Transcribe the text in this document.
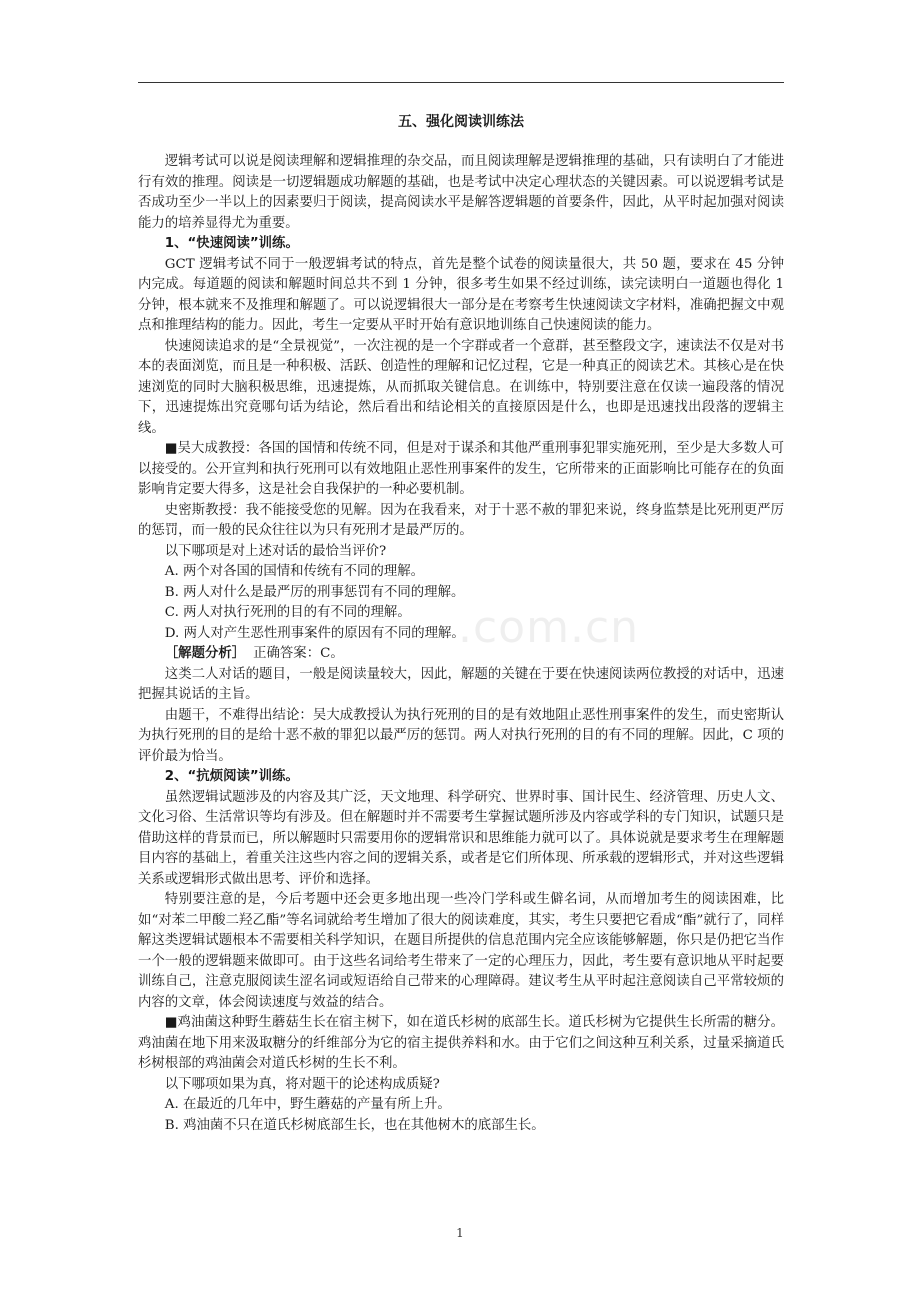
.com.cn

五、强化阅读训练法

逻辑考试可以说是阅读理解和逻辑推理的杂交品，而且阅读理解是逻辑推理的基础，只有读明白了才能进行有效的推理。阅读是一切逻辑题成功解题的基础，也是考试中决定心理状态的关键因素。可以说逻辑考试是否成功至少一半以上的因素要归于阅读，提高阅读水平是解答逻辑题的首要条件，因此，从平时起加强对阅读能力的培养显得尤为重要。

1、“快速阅读”训练。

GCT 逻辑考试不同于一般逻辑考试的特点，首先是整个试卷的阅读量很大，共 50 题，要求在 45 分钟内完成。每道题的阅读和解题时间总共不到 1 分钟，很多考生如果不经过训练，读完读明白一道题也得化 1 分钟，根本就来不及推理和解题了。可以说逻辑很大一部分是在考察考生快速阅读文字材料，准确把握文中观点和推理结构的能力。因此，考生一定要从平时开始有意识地训练自己快速阅读的能力。

快速阅读追求的是“全景视觉”，一次注视的是一个字群或者一个意群，甚至整段文字，速读法不仅是对书本的表面浏览，而且是一种积极、活跃、创造性的理解和记忆过程，它是一种真正的阅读艺术。其核心是在快速浏览的同时大脑积极思维，迅速提炼，从而抓取关键信息。在训练中，特别要注意在仅读一遍段落的情况下，迅速提炼出究竟哪句话为结论，然后看出和结论相关的直接原因是什么，也即是迅速找出段落的逻辑主线。

■吴大成教授：各国的国情和传统不同，但是对于谋杀和其他严重刑事犯罪实施死刑，至少是大多数人可以接受的。公开宣判和执行死刑可以有效地阻止恶性刑事案件的发生，它所带来的正面影响比可能存在的负面影响肯定要大得多，这是社会自我保护的一种必要机制。

史密斯教授：我不能接受您的见解。因为在我看来，对于十恶不赦的罪犯来说，终身监禁是比死刑更严厉的惩罚，而一般的民众往往以为只有死刑才是最严厉的。

以下哪项是对上述对话的最恰当评价?

A. 两个对各国的国情和传统有不同的理解。

B. 两人对什么是最严厉的刑事惩罚有不同的理解。

C. 两人对执行死刑的目的有不同的理解。

D. 两人对产生恶性刑事案件的原因有不同的理解。

［解题分析］ 正确答案：C。

这类二人对话的题目，一般是阅读量较大，因此，解题的关键在于要在快速阅读两位教授的对话中，迅速把握其说话的主旨。

由题干，不难得出结论：吴大成教授认为执行死刑的目的是有效地阻止恶性刑事案件的发生，而史密斯认为执行死刑的目的是给十恶不赦的罪犯以最严厉的惩罚。两人对执行死刑的目的有不同的理解。因此，C 项的评价最为恰当。

2、“抗烦阅读”训练。

虽然逻辑试题涉及的内容及其广泛，天文地理、科学研究、世界时事、国计民生、经济管理、历史人文、文化习俗、生活常识等均有涉及。但在解题时并不需要考生掌握试题所涉及内容或学科的专门知识，试题只是借助这样的背景而已，所以解题时只需要用你的逻辑常识和思维能力就可以了。具体说就是要求考生在理解题目内容的基础上，着重关注这些内容之间的逻辑关系，或者是它们所体现、所承载的逻辑形式，并对这些逻辑关系或逻辑形式做出思考、评价和选择。

特别要注意的是，今后考题中还会更多地出现一些冷门学科或生僻名词，从而增加考生的阅读困难，比如“对苯二甲酸二羟乙酯”等名词就给考生增加了很大的阅读难度，其实，考生只要把它看成“酯”就行了，同样解这类逻辑试题根本不需要相关科学知识，在题目所提供的信息范围内完全应该能够解题，你只是仍把它当作一个一般的逻辑题来做即可。由于这些名词给考生带来了一定的心理压力，因此，考生要有意识地从平时起要训练自己，注意克服阅读生涩名词或短语给自己带来的心理障碍。建议考生从平时起注意阅读自己平常较烦的内容的文章，体会阅读速度与效益的结合。

■鸡油菌这种野生蘑菇生长在宿主树下，如在道氏杉树的底部生长。道氏杉树为它提供生长所需的糖分。鸡油菌在地下用来汲取糖分的纤维部分为它的宿主提供养料和水。由于它们之间这种互利关系，过量采摘道氏杉树根部的鸡油菌会对道氏杉树的生长不利。

以下哪项如果为真，将对题干的论述构成质疑?

A. 在最近的几年中，野生蘑菇的产量有所上升。

B. 鸡油菌不只在道氏杉树底部生长，也在其他树木的底部生长。

1
